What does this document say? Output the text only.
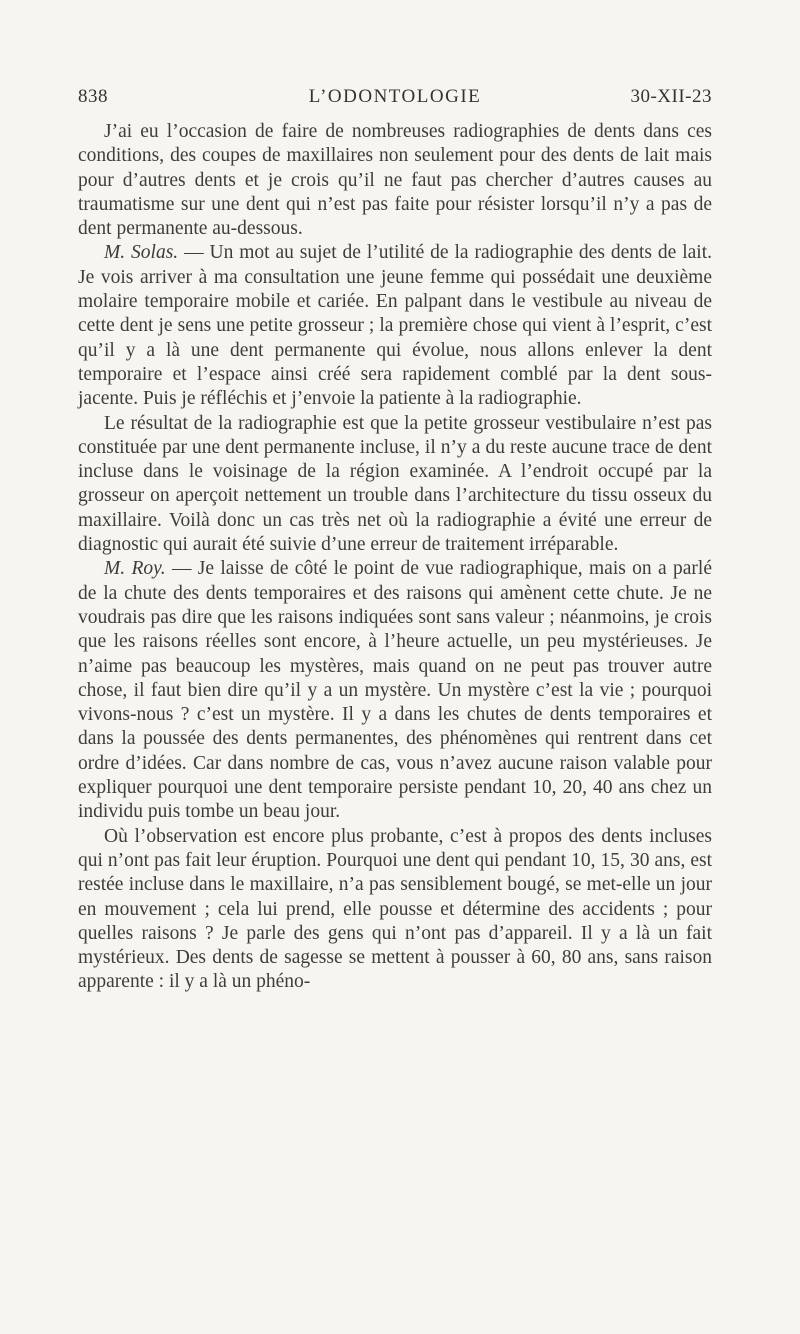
838	L’ODONTOLOGIE	30-XII-23

J’ai eu l’occasion de faire de nombreuses radiographies de dents dans ces conditions, des coupes de maxillaires non seulement pour des dents de lait mais pour d’autres dents et je crois qu’il ne faut pas chercher d’autres causes au traumatisme sur une dent qui n’est pas faite pour résister lorsqu’il n’y a pas de dent permanente au-dessous.

M. Solas. — Un mot au sujet de l’utilité de la radiographie des dents de lait. Je vois arriver à ma consultation une jeune femme qui possédait une deuxième molaire temporaire mobile et cariée. En palpant dans le vestibule au niveau de cette dent je sens une petite grosseur ; la première chose qui vient à l’esprit, c’est qu’il y a là une dent permanente qui évolue, nous allons enlever la dent temporaire et l’espace ainsi créé sera rapidement comblé par la dent sous-jacente. Puis je réfléchis et j’envoie la patiente à la radiographie.

Le résultat de la radiographie est que la petite grosseur vestibulaire n’est pas constituée par une dent permanente incluse, il n’y a du reste aucune trace de dent incluse dans le voisinage de la région examinée. A l’endroit occupé par la grosseur on aperçoit nettement un trouble dans l’architecture du tissu osseux du maxillaire. Voilà donc un cas très net où la radiographie a évité une erreur de diagnostic qui aurait été suivie d’une erreur de traitement irréparable.

M. Roy. — Je laisse de côté le point de vue radiographique, mais on a parlé de la chute des dents temporaires et des raisons qui amènent cette chute. Je ne voudrais pas dire que les raisons indiquées sont sans valeur ; néanmoins, je crois que les raisons réelles sont encore, à l’heure actuelle, un peu mystérieuses. Je n’aime pas beaucoup les mystères, mais quand on ne peut pas trouver autre chose, il faut bien dire qu’il y a un mystère. Un mystère c’est la vie ; pourquoi vivons-nous ? c’est un mystère. Il y a dans les chutes de dents temporaires et dans la poussée des dents permanentes, des phénomènes qui rentrent dans cet ordre d’idées. Car dans nombre de cas, vous n’avez aucune raison valable pour expliquer pourquoi une dent temporaire persiste pendant 10, 20, 40 ans chez un individu puis tombe un beau jour.

Où l’observation est encore plus probante, c’est à propos des dents incluses qui n’ont pas fait leur éruption. Pourquoi une dent qui pendant 10, 15, 30 ans, est restée incluse dans le maxillaire, n’a pas sensiblement bougé, se met-elle un jour en mouvement ; cela lui prend, elle pousse et détermine des accidents ; pour quelles raisons ? Je parle des gens qui n’ont pas d’appareil. Il y a là un fait mystérieux. Des dents de sagesse se mettent à pousser à 60, 80 ans, sans raison apparente : il y a là un phéno-
